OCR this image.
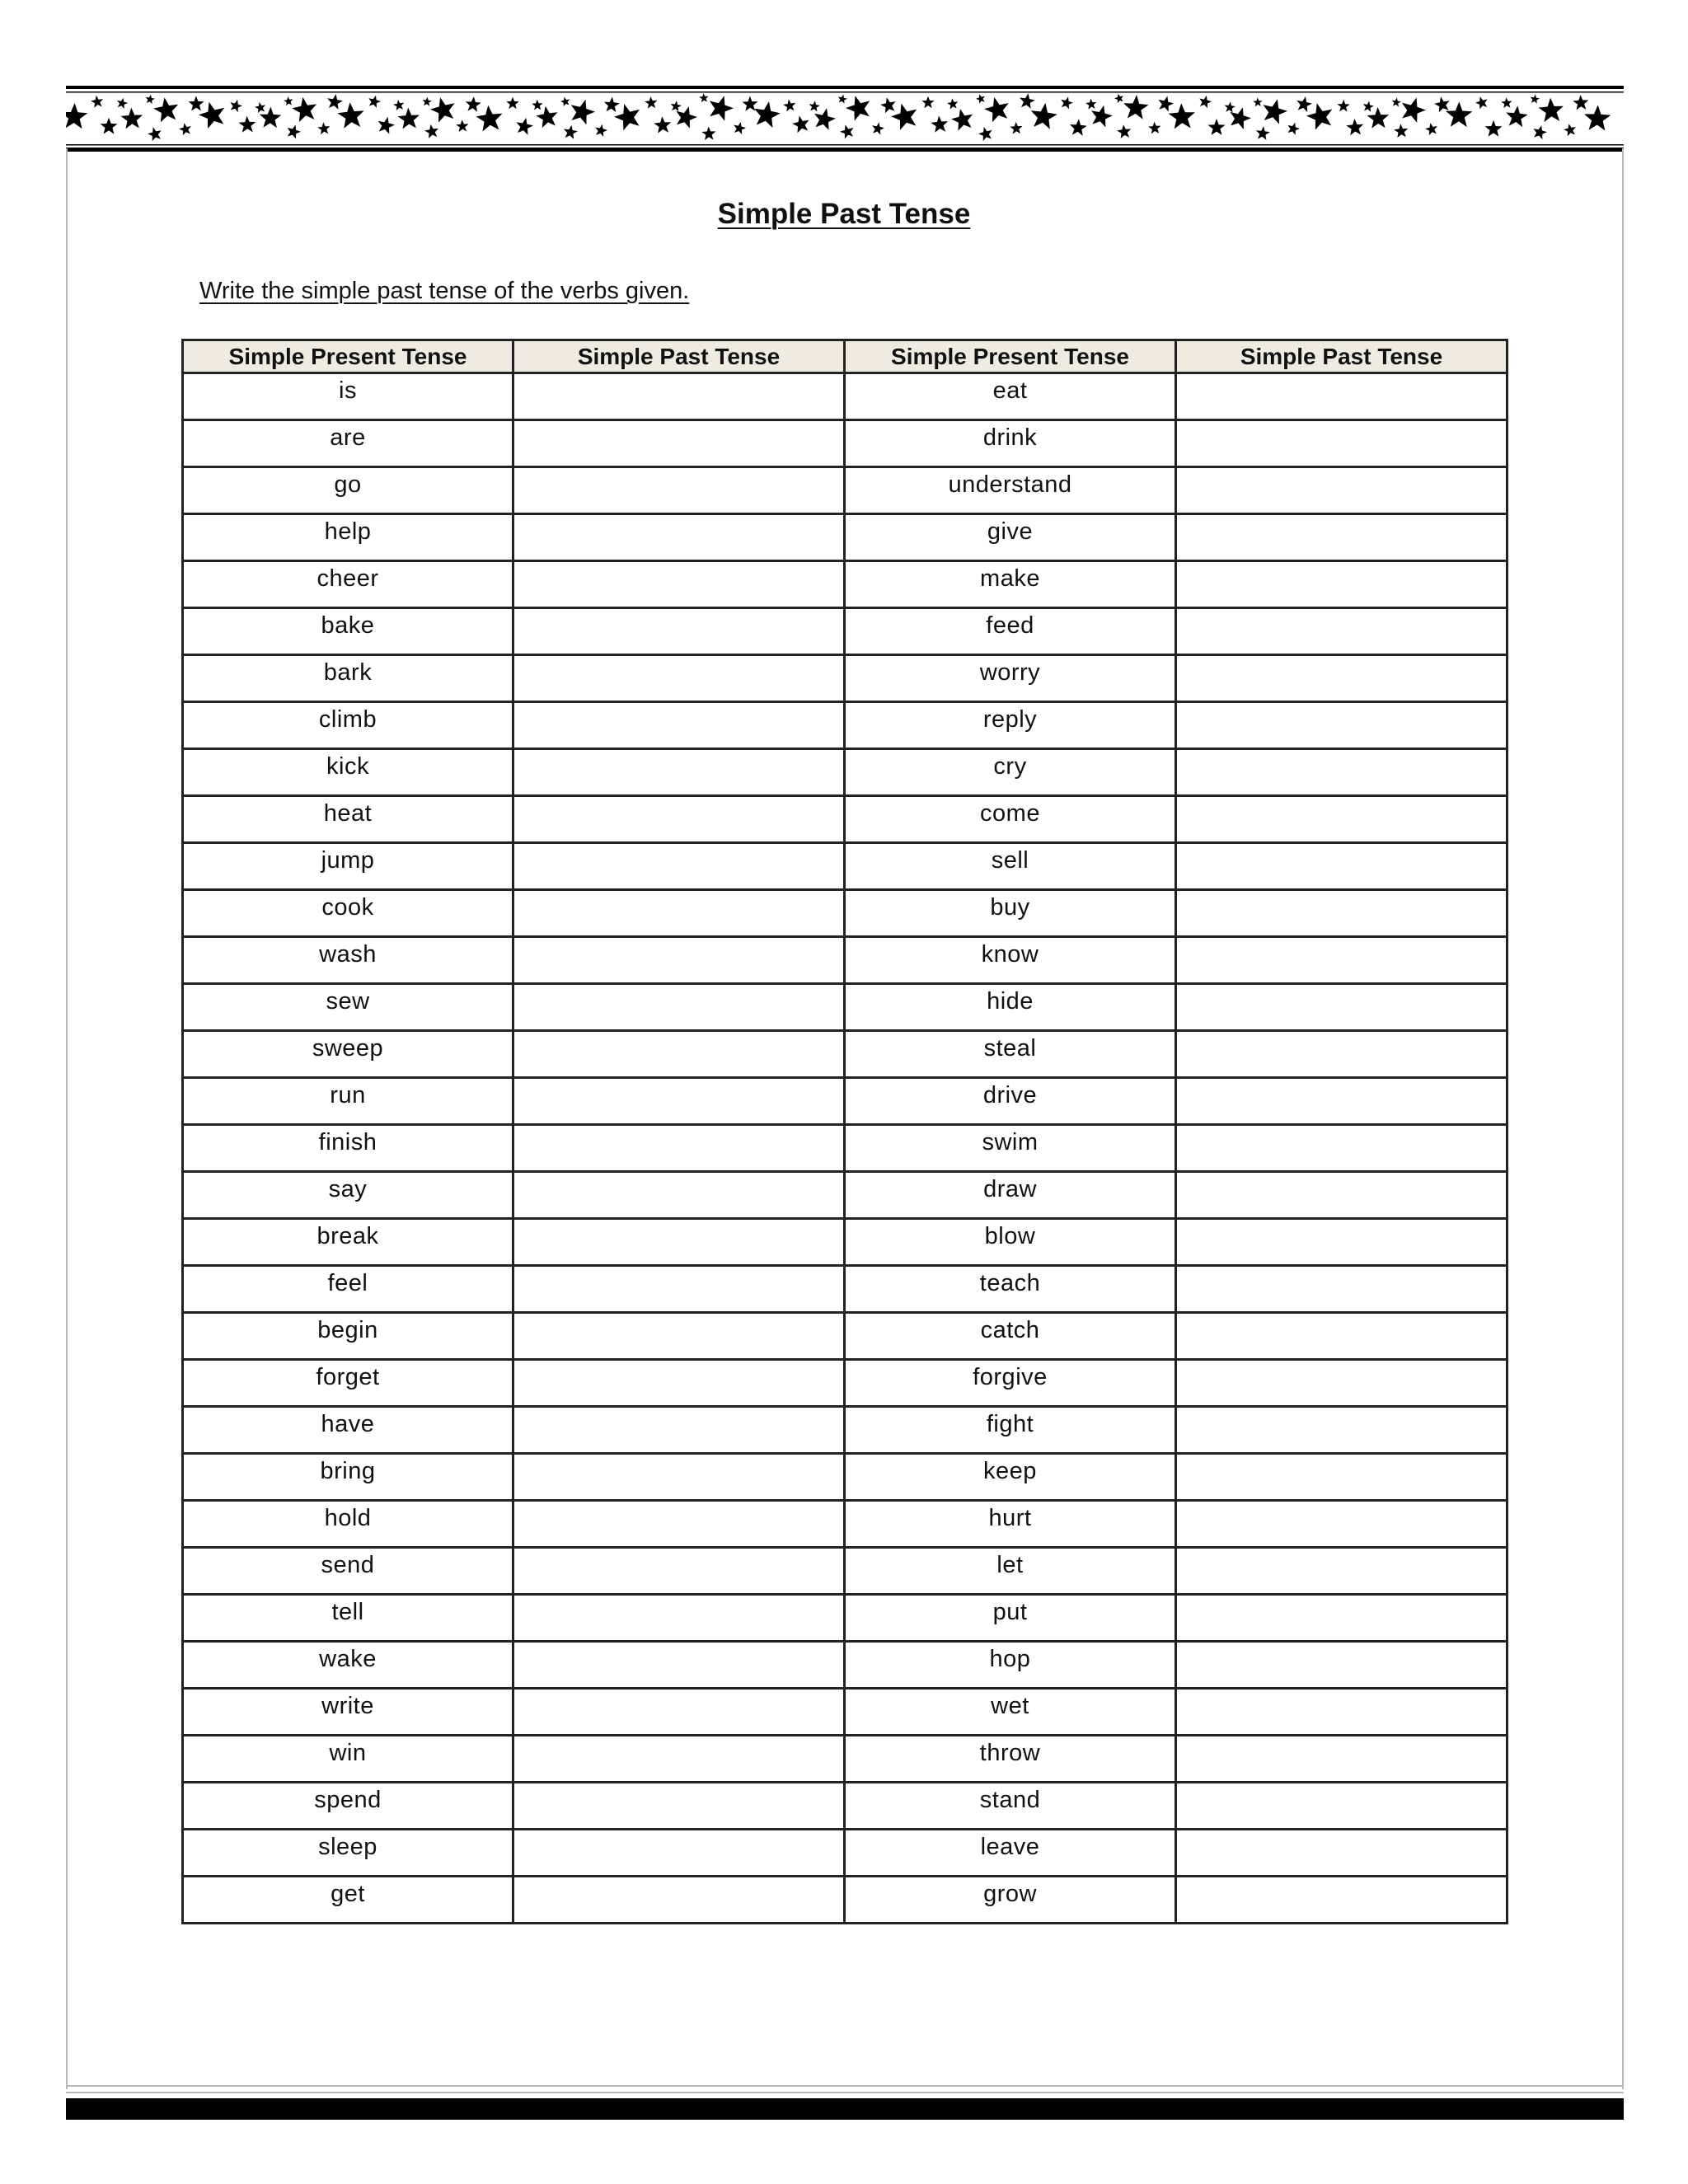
Simple Past Tense
Write the simple past tense of the verbs given.
Simple Present Tense	Simple Past Tense	Simple Present Tense	Simple Past Tense
is		eat	
are		drink	
go		understand	
help		give	
cheer		make	
bake		feed	
bark		worry	
climb		reply	
kick		cry	
heat		come	
jump		sell	
cook		buy	
wash		know	
sew		hide	
sweep		steal	
run		drive	
finish		swim	
say		draw	
break		blow	
feel		teach	
begin		catch	
forget		forgive	
have		fight	
bring		keep	
hold		hurt	
send		let	
tell		put	
wake		hop	
write		wet	
win		throw	
spend		stand	
sleep		leave	
get		grow	
